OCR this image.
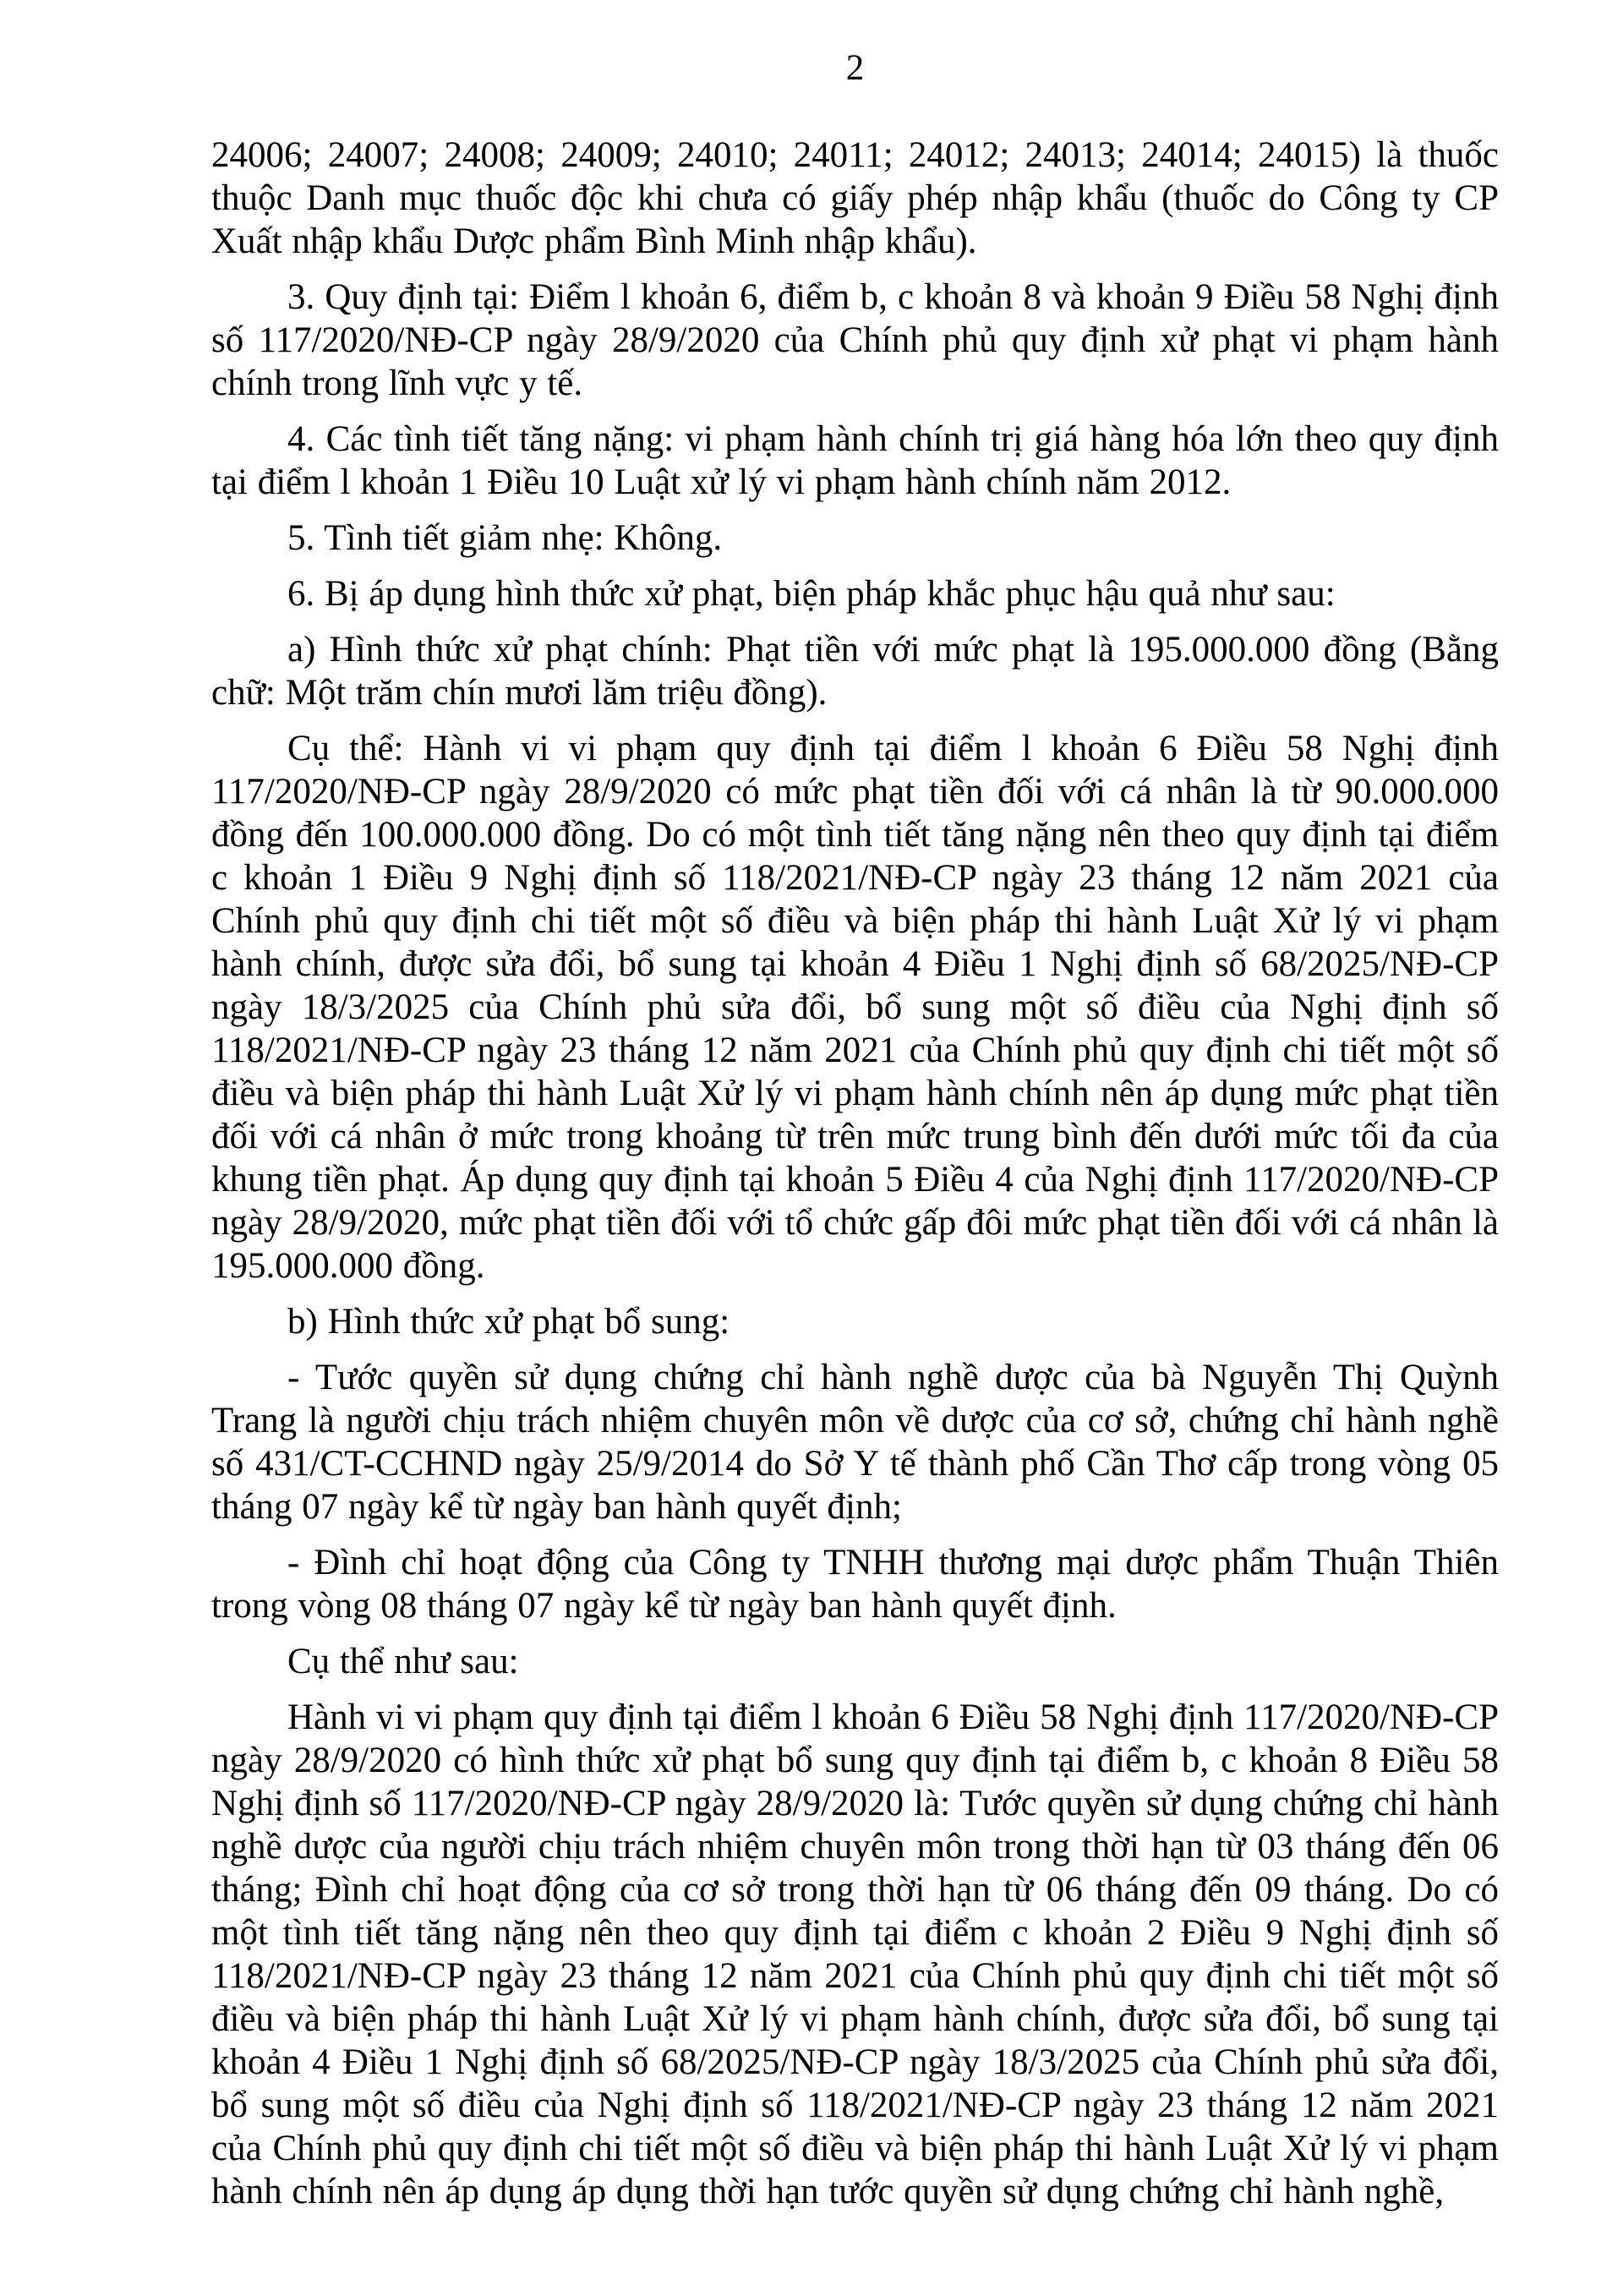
2

24006; 24007; 24008; 24009; 24010; 24011; 24012; 24013; 24014; 24015) là thuốc thuộc Danh mục thuốc độc khi chưa có giấy phép nhập khẩu (thuốc do Công ty CP Xuất nhập khẩu Dược phẩm Bình Minh nhập khẩu).

3. Quy định tại: Điểm l khoản 6, điểm b, c khoản 8 và khoản 9 Điều 58 Nghị định số 117/2020/NĐ-CP ngày 28/9/2020 của Chính phủ quy định xử phạt vi phạm hành chính trong lĩnh vực y tế.

4. Các tình tiết tăng nặng: vi phạm hành chính trị giá hàng hóa lớn theo quy định tại điểm l khoản 1 Điều 10 Luật xử lý vi phạm hành chính năm 2012.

5. Tình tiết giảm nhẹ: Không.

6. Bị áp dụng hình thức xử phạt, biện pháp khắc phục hậu quả như sau:

a) Hình thức xử phạt chính: Phạt tiền với mức phạt là 195.000.000 đồng (Bằng chữ: Một trăm chín mươi lăm triệu đồng).

Cụ thể: Hành vi vi phạm quy định tại điểm l khoản 6 Điều 58 Nghị định 117/2020/NĐ-CP ngày 28/9/2020 có mức phạt tiền đối với cá nhân là từ 90.000.000 đồng đến 100.000.000 đồng. Do có một tình tiết tăng nặng nên theo quy định tại điểm c khoản 1 Điều 9 Nghị định số 118/2021/NĐ-CP ngày 23 tháng 12 năm 2021 của Chính phủ quy định chi tiết một số điều và biện pháp thi hành Luật Xử lý vi phạm hành chính, được sửa đổi, bổ sung tại khoản 4 Điều 1 Nghị định số 68/2025/NĐ-CP ngày 18/3/2025 của Chính phủ sửa đổi, bổ sung một số điều của Nghị định số 118/2021/NĐ-CP ngày 23 tháng 12 năm 2021 của Chính phủ quy định chi tiết một số điều và biện pháp thi hành Luật Xử lý vi phạm hành chính nên áp dụng mức phạt tiền đối với cá nhân ở mức trong khoảng từ trên mức trung bình đến dưới mức tối đa của khung tiền phạt. Áp dụng quy định tại khoản 5 Điều 4 của Nghị định 117/2020/NĐ-CP ngày 28/9/2020, mức phạt tiền đối với tổ chức gấp đôi mức phạt tiền đối với cá nhân là 195.000.000 đồng.

b) Hình thức xử phạt bổ sung:

- Tước quyền sử dụng chứng chỉ hành nghề dược của bà Nguyễn Thị Quỳnh Trang là người chịu trách nhiệm chuyên môn về dược của cơ sở, chứng chỉ hành nghề số 431/CT-CCHND ngày 25/9/2014 do Sở Y tế thành phố Cần Thơ cấp trong vòng 05 tháng 07 ngày kể từ ngày ban hành quyết định;

- Đình chỉ hoạt động của Công ty TNHH thương mại dược phẩm Thuận Thiên trong vòng 08 tháng 07 ngày kể từ ngày ban hành quyết định.

Cụ thể như sau:

Hành vi vi phạm quy định tại điểm l khoản 6 Điều 58 Nghị định 117/2020/NĐ-CP ngày 28/9/2020 có hình thức xử phạt bổ sung quy định tại điểm b, c khoản 8 Điều 58 Nghị định số 117/2020/NĐ-CP ngày 28/9/2020 là: Tước quyền sử dụng chứng chỉ hành nghề dược của người chịu trách nhiệm chuyên môn trong thời hạn từ 03 tháng đến 06 tháng; Đình chỉ hoạt động của cơ sở trong thời hạn từ 06 tháng đến 09 tháng. Do có một tình tiết tăng nặng nên theo quy định tại điểm c khoản 2 Điều 9 Nghị định số 118/2021/NĐ-CP ngày 23 tháng 12 năm 2021 của Chính phủ quy định chi tiết một số điều và biện pháp thi hành Luật Xử lý vi phạm hành chính, được sửa đổi, bổ sung tại khoản 4 Điều 1 Nghị định số 68/2025/NĐ-CP ngày 18/3/2025 của Chính phủ sửa đổi, bổ sung một số điều của Nghị định số 118/2021/NĐ-CP ngày 23 tháng 12 năm 2021 của Chính phủ quy định chi tiết một số điều và biện pháp thi hành Luật Xử lý vi phạm hành chính nên áp dụng áp dụng thời hạn tước quyền sử dụng chứng chỉ hành nghề,
